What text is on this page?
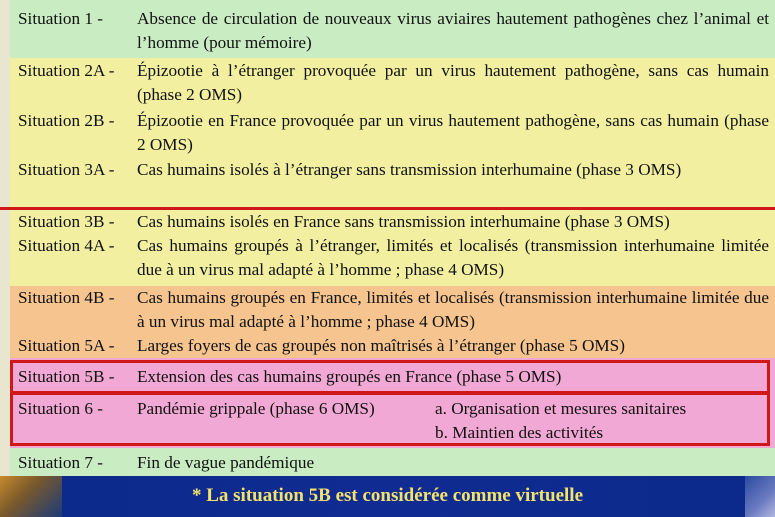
Situation 1 - Absence de circulation de nouveaux virus aviaires hautement pathogènes chez l’animal et l’homme (pour mémoire)
Situation 2A - Épizootie à l’étranger provoquée par un virus hautement pathogène, sans cas humain (phase 2 OMS)
Situation 2B - Épizootie en France provoquée par un virus hautement pathogène, sans cas humain (phase 2 OMS)
Situation 3A - Cas humains isolés à l’étranger sans transmission interhumaine (phase 3 OMS)
Situation 3B - Cas humains isolés en France sans transmission interhumaine (phase 3 OMS)
Situation 4A - Cas humains groupés à l’étranger, limités et localisés (transmission interhumaine limitée due à un virus mal adapté à l’homme ; phase 4 OMS)
Situation 4B - Cas humains groupés en France, limités et localisés (transmission interhumaine limitée due à un virus mal adapté à l’homme ; phase 4 OMS)
Situation 5A - Larges foyers de cas groupés non maîtrisés à l’étranger (phase 5 OMS)
Situation 5B - Extension des cas humains groupés en France (phase 5 OMS)
Situation 6 - Pandémie grippale (phase 6 OMS)	a. Organisation et mesures sanitaires
b. Maintien des activités
Situation 7 - Fin de vague pandémique
* La situation 5B est considérée comme virtuelle
